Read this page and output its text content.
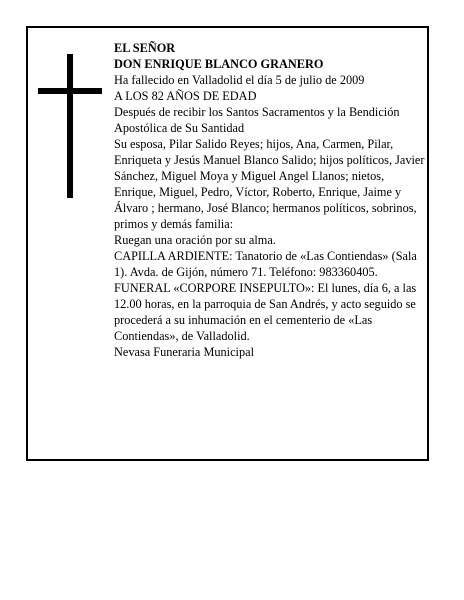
EL SEÑOR

DON ENRIQUE BLANCO GRANERO

Ha fallecido en Valladolid el día 5 de julio de 2009

A LOS 82 AÑOS DE EDAD

Después de recibir los Santos Sacramentos y la Bendición Apostólica de Su Santidad

Su esposa, Pilar Salido Reyes; hijos, Ana, Carmen, Pilar, Enriqueta y Jesús Manuel Blanco Salido; hijos políticos, Javier Sánchez, Miguel Moya y Miguel Angel Llanos; nietos, Enrique, Miguel, Pedro, Víctor, Roberto, Enrique, Jaime y Álvaro ; hermano, José Blanco; hermanos políticos, sobrinos, primos y demás familia:

Ruegan una oración por su alma.

CAPILLA ARDIENTE: Tanatorio de «Las Contiendas» (Sala 1). Avda. de Gijón, número 71. Teléfono: 983360405.

FUNERAL «CORPORE INSEPULTO»: El lunes, día 6, a las 12.00 horas, en la parroquia de San Andrés, y acto seguido se procederá a su inhumación en el cementerio de «Las Contiendas», de Valladolid.

Nevasa Funeraria Municipal
